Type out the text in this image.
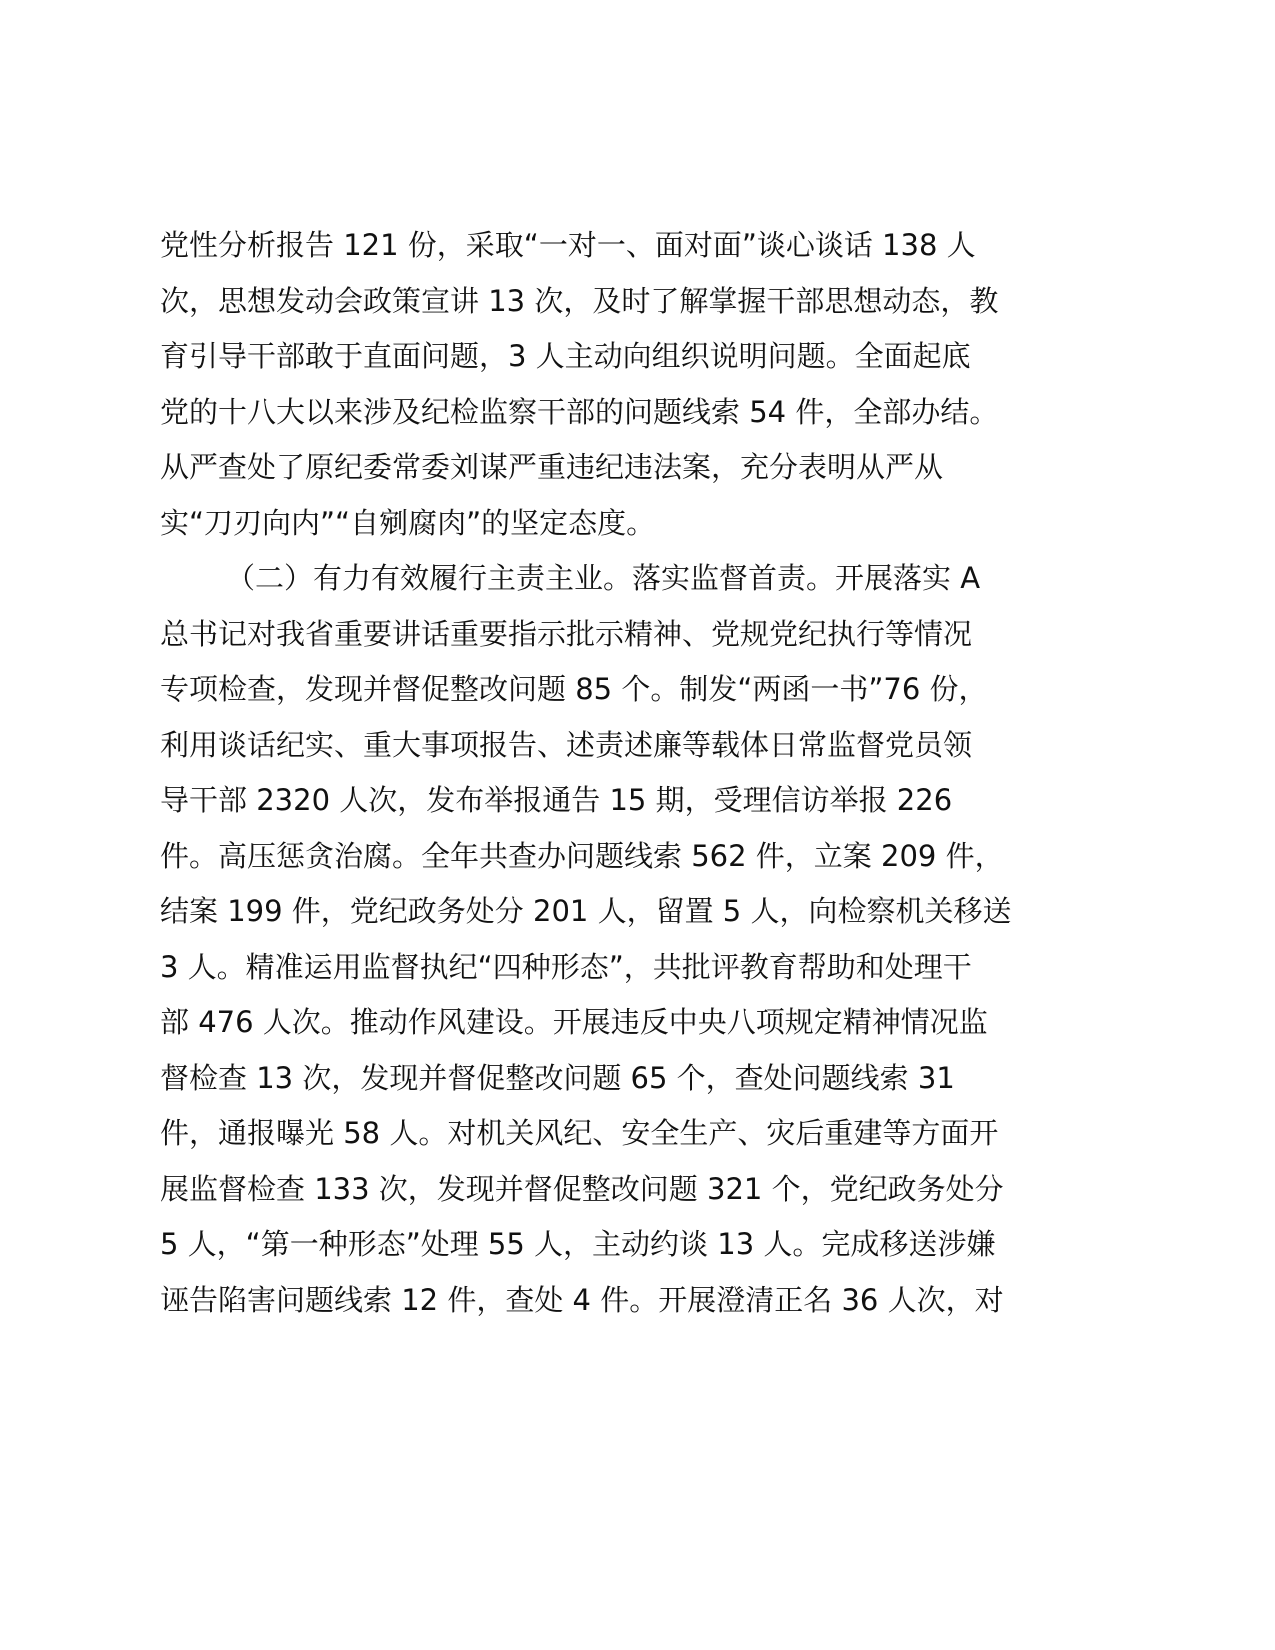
党性分析报告 121 份，采取“一对一、面对面”谈心谈话 138 人
次，思想发动会政策宣讲 13 次，及时了解掌握干部思想动态，教
育引导干部敢于直面问题，3 人主动向组织说明问题。全面起底
党的十八大以来涉及纪检监察干部的问题线索 54 件，全部办结。
从严查处了原纪委常委刘谋严重违纪违法案，充分表明从严从
实“刀刃向内”“自剜腐肉”的坚定态度。
（二）有力有效履行主责主业。落实监督首责。开展落实 A
总书记对我省重要讲话重要指示批示精神、党规党纪执行等情况
专项检查，发现并督促整改问题 85 个。制发“两函一书”76 份，
利用谈话纪实、重大事项报告、述责述廉等载体日常监督党员领
导干部 2320 人次，发布举报通告 15 期，受理信访举报 226
件。高压惩贪治腐。全年共查办问题线索 562 件，立案 209 件，
结案 199 件，党纪政务处分 201 人，留置 5 人，向检察机关移送
3 人。精准运用监督执纪“四种形态”，共批评教育帮助和处理干
部 476 人次。推动作风建设。开展违反中央八项规定精神情况监
督检查 13 次，发现并督促整改问题 65 个，查处问题线索 31
件，通报曝光 58 人。对机关风纪、安全生产、灾后重建等方面开
展监督检查 133 次，发现并督促整改问题 321 个，党纪政务处分
5 人，“第一种形态”处理 55 人，主动约谈 13 人。完成移送涉嫌
诬告陷害问题线索 12 件，查处 4 件。开展澄清正名 36 人次，对
